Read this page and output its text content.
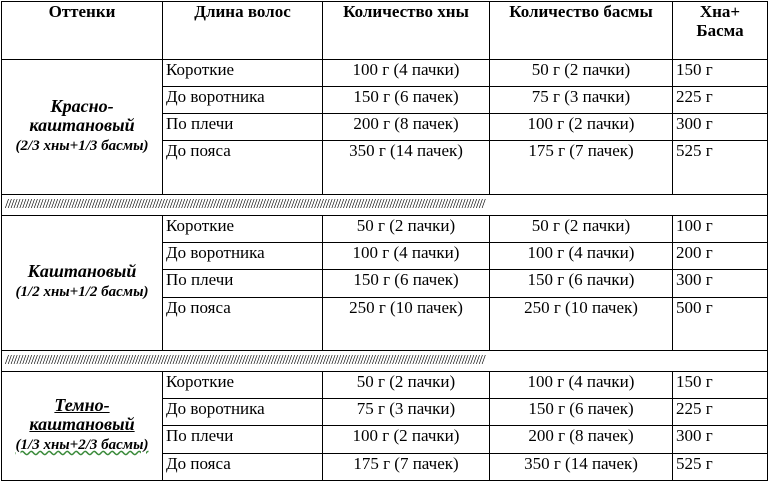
Оттенки	Длина волос	Количество хны	Количество басмы	Хна+ Басма

Красно-каштановый
(2/3 хны+1/3 басмы)	Короткие	100 г (4 пачки)	50 г (2 пачки)	150 г
	До воротника	150 г (6 пачек)	75 г (3 пачки)	225 г
	По плечи	200 г (8 пачек)	100 г (2 пачки)	300 г
	До пояса	350 г (14 пачек)	175 г (7 пачек)	525 г
//////////////////////////////////////////////////////////////////////////////////////////////////////////////////////////////////////////////////////////////////////				

Каштановый
(1/2 хны+1/2 басмы)	Короткие	50 г (2 пачки)	50 г (2 пачки)	100 г
	До воротника	100 г (4 пачки)	100 г (4 пачки)	200 г
	По плечи	150 г (6 пачек)	150 г (6 пачки)	300 г
	До пояса	250 г (10 пачек)	250 г (10 пачек)	500 г
//////////////////////////////////////////////////////////////////////////////////////////////////////////////////////////////////////////////////////////////////////				

Темно-каштановый
(1/3 хны+2/3 басмы)	Короткие	50 г (2 пачки)	100 г (4 пачки)	150 г
	До воротника	75 г (3 пачки)	150 г (6 пачек)	225 г
	По плечи	100 г (2 пачки)	200 г (8 пачек)	300 г
	До пояса	175 г (7 пачек)	350 г (14 пачек)	525 г
